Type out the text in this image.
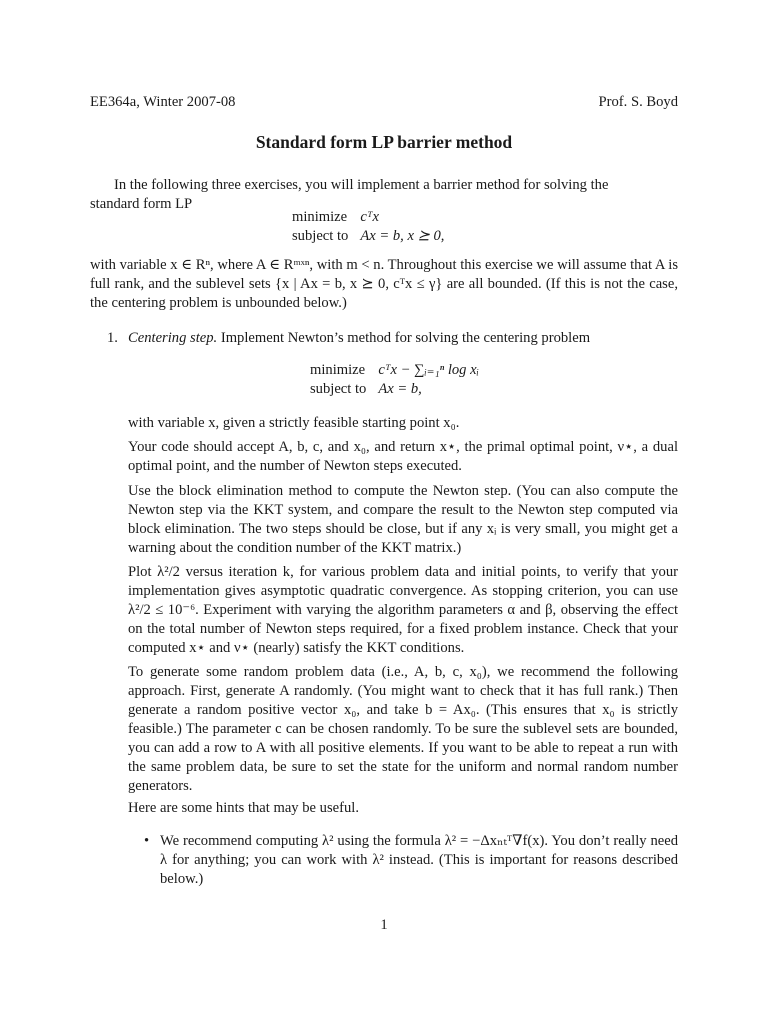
EE364a, Winter 2007-08	Prof. S. Boyd
Standard form LP barrier method
In the following three exercises, you will implement a barrier method for solving the
standard form LP
minimize cᵀx
subject to Ax = b, x ⪰ 0,
with variable x ∈ Rⁿ, where A ∈ Rᵐˣⁿ, with m < n. Throughout this exercise we will assume that A is full rank, and the sublevel sets {x | Ax = b, x ⪰ 0, cᵀx ≤ γ} are all bounded. (If this is not the case, the centering problem is unbounded below.)
1. Centering step. Implement Newton’s method for solving the centering problem
minimize cᵀx − ∑ᵢ₌₁ⁿ log xᵢ
subject to Ax = b,
with variable x, given a strictly feasible starting point x₀.
Your code should accept A, b, c, and x₀, and return x⋆, the primal optimal point, ν⋆, a dual optimal point, and the number of Newton steps executed.
Use the block elimination method to compute the Newton step. (You can also compute the Newton step via the KKT system, and compare the result to the Newton step computed via block elimination. The two steps should be close, but if any xᵢ is very small, you might get a warning about the condition number of the KKT matrix.)
Plot λ²/2 versus iteration k, for various problem data and initial points, to verify that your implementation gives asymptotic quadratic convergence. As stopping criterion, you can use λ²/2 ≤ 10⁻⁶. Experiment with varying the algorithm parameters α and β, observing the effect on the total number of Newton steps required, for a fixed problem instance. Check that your computed x⋆ and ν⋆ (nearly) satisfy the KKT conditions.
To generate some random problem data (i.e., A, b, c, x₀), we recommend the following approach. First, generate A randomly. (You might want to check that it has full rank.) Then generate a random positive vector x₀, and take b = Ax₀. (This ensures that x₀ is strictly feasible.) The parameter c can be chosen randomly. To be sure the sublevel sets are bounded, you can add a row to A with all positive elements. If you want to be able to repeat a run with the same problem data, be sure to set the state for the uniform and normal random number generators.
Here are some hints that may be useful.
• We recommend computing λ² using the formula λ² = −Δxₙₜᵀ∇f(x). You don’t really need λ for anything; you can work with λ² instead. (This is important for reasons described below.)
1
